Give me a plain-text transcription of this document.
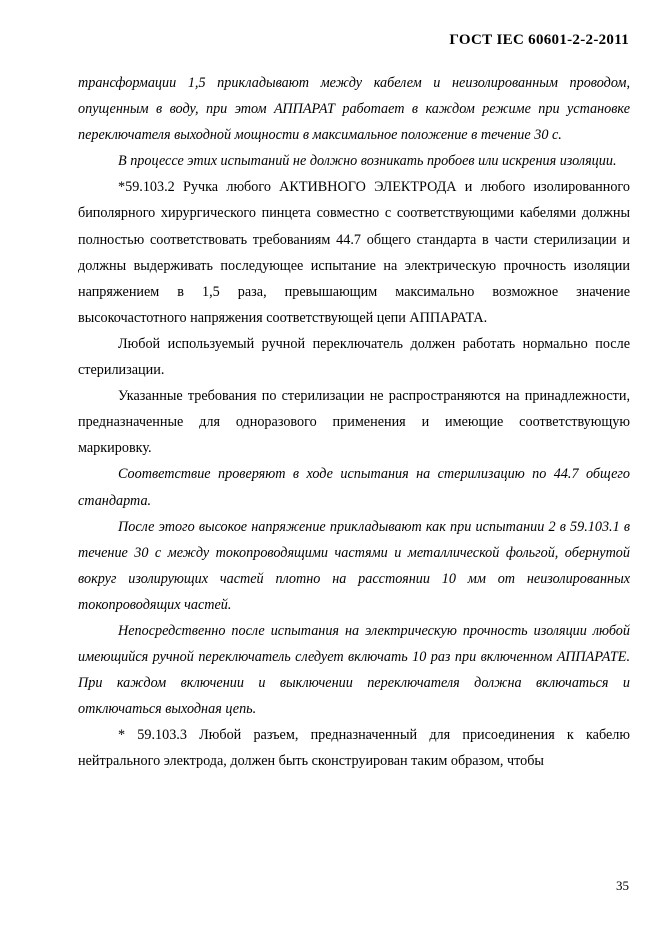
ГОСТ IEC 60601-2-2-2011

трансформации 1,5 прикладывают между кабелем и неизолированным проводом, опущенным в воду, при этом АППАРАТ работает в каждом режиме при установке переключателя выходной мощности в максимальное положение в течение 30 с.

В процессе этих испытаний не должно возникать пробоев или искрения изоляции.

*59.103.2 Ручка любого АКТИВНОГО ЭЛЕКТРОДА и любого изолированного биполярного хирургического пинцета совместно с соответствующими кабелями должны полностью соответствовать требованиям 44.7 общего стандарта в части стерилизации и должны выдерживать последующее испытание на электрическую прочность изоляции напряжением в 1,5 раза, превышающим максимально возможное значение высокочастотного напряжения соответствующей цепи АППАРАТА.

Любой используемый ручной переключатель должен работать нормально после стерилизации.

Указанные требования по стерилизации не распространяются на принадлежности, предназначенные для одноразового применения и имеющие соответствующую маркировку.

Соответствие проверяют в ходе испытания на стерилизацию по 44.7 общего стандарта.

После этого высокое напряжение прикладывают как при испытании 2 в 59.103.1 в течение 30 с между токопроводящими частями и металлической фольгой, обернутой вокруг изолирующих частей плотно на расстоянии 10 мм от неизолированных токопроводящих частей.

Непосредственно после испытания на электрическую прочность изоляции любой имеющийся ручной переключатель следует включать 10 раз при включенном АППАРАТЕ. При каждом включении и выключении переключателя должна включаться и отключаться выходная цепь.

* 59.103.3 Любой разъем, предназначенный для присоединения к кабелю нейтрального электрода, должен быть сконструирован таким образом, чтобы

35
